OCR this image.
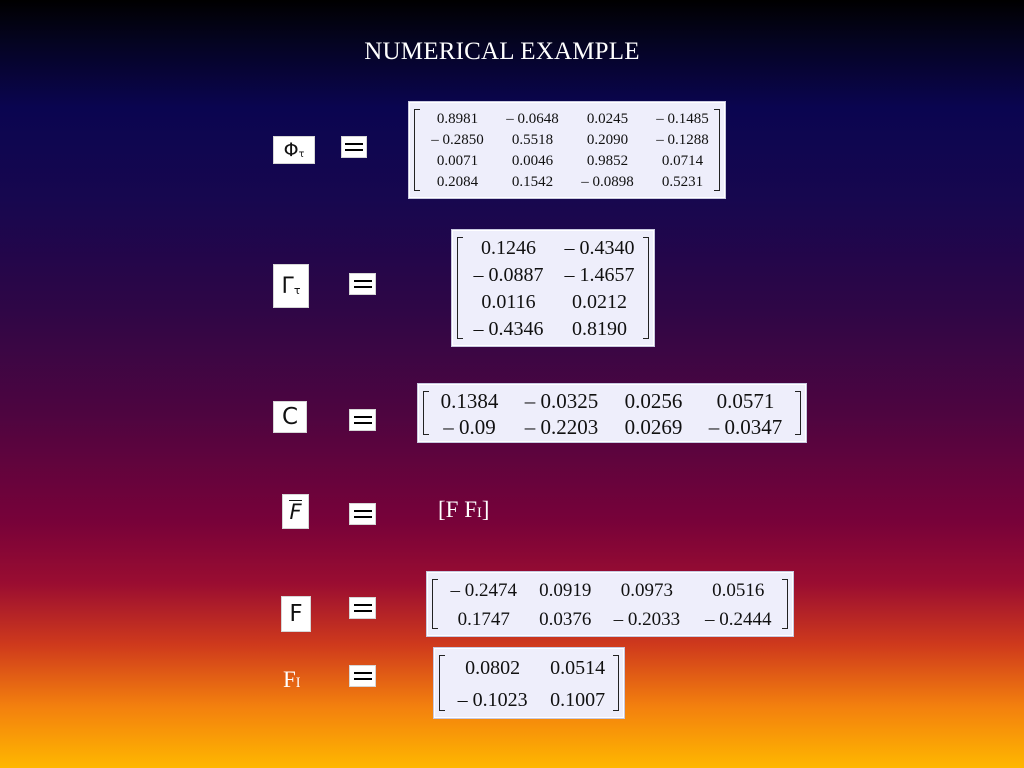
NUMERICAL EXAMPLE
$\Phi_\tau$
0.8981	– 0.0648	0.0245	– 0.1485
– 0.2850	0.5518	0.2090	– 0.1288
0.0071	0.0046	0.9852	0.0714
0.2084	0.1542	– 0.0898	0.5231
$\Gamma_\tau$
0.1246	– 0.4340
– 0.0887	– 1.4657
0.0116	0.0212
– 0.4346	0.8190
C
0.1384	– 0.0325	0.0256	0.0571
– 0.09	– 0.2203	0.0269	– 0.0347
F	[F FI]
F
– 0.2474	0.0919	0.0973	0.0516
0.1747	0.0376	– 0.2033	– 0.2444
FI
0.0802	0.0514
– 0.1023	0.1007
